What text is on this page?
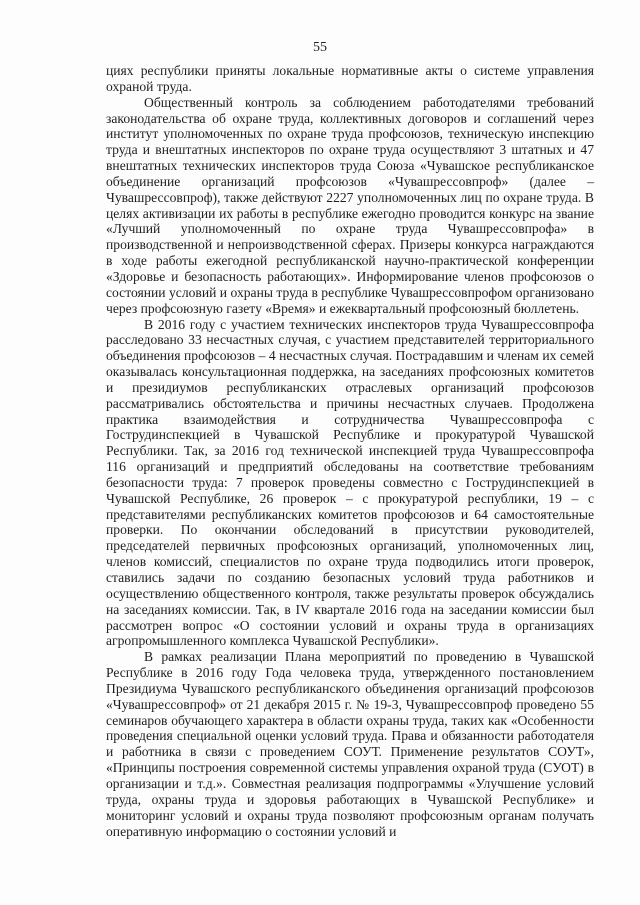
55

циях республики приняты локальные нормативные акты о системе управления охраной труда.

Общественный контроль за соблюдением работодателями требований законодательства об охране труда, коллективных договоров и соглашений через институт уполномоченных по охране труда профсоюзов, техническую инспекцию труда и внештатных инспекторов по охране труда осуществляют 3 штатных и 47 внештатных технических инспекторов труда Союза «Чувашское республиканское объединение организаций профсоюзов «Чувашрессовпроф» (далее – Чувашрессовпроф), также действуют 2227 уполномоченных лиц по охране труда. В целях активизации их работы в республике ежегодно проводится конкурс на звание «Лучший уполномоченный по охране труда Чувашрессовпрофа» в производственной и непроизводственной сферах. Призеры конкурса награждаются в ходе работы ежегодной республиканской научно-практической конференции «Здоровье и безопасность работающих». Информирование членов профсоюзов о состоянии условий и охраны труда в республике Чувашрессовпрофом организовано через профсоюзную газету «Время» и ежеквартальный профсоюзный бюллетень.

В 2016 году с участием технических инспекторов труда Чувашрессовпрофа расследовано 33 несчастных случая, с участием представителей территориального объединения профсоюзов – 4 несчастных случая. Пострадавшим и членам их семей оказывалась консультационная поддержка, на заседаниях профсоюзных комитетов и президиумов республиканских отраслевых организаций профсоюзов рассматривались обстоятельства и причины несчастных случаев. Продолжена практика взаимодействия и сотрудничества Чувашрессовпрофа с Гострудинспекцией в Чувашской Республике и прокуратурой Чувашской Республики. Так, за 2016 год технической инспекцией труда Чувашрессовпрофа 116 организаций и предприятий обследованы на соответствие требованиям безопасности труда: 7 проверок проведены совместно с Гострудинспекцией в Чувашской Республике, 26 проверок – с прокуратурой республики, 19 – с представителями республиканских комитетов профсоюзов и 64 самостоятельные проверки. По окончании обследований в присутствии руководителей, председателей первичных профсоюзных организаций, уполномоченных лиц, членов комиссий, специалистов по охране труда подводились итоги проверок, ставились задачи по созданию безопасных условий труда работников и осуществлению общественного контроля, также результаты проверок обсуждались на заседаниях комиссии. Так, в IV квартале 2016 года на заседании комиссии был рассмотрен вопрос «О состоянии условий и охраны труда в организациях агропромышленного комплекса Чувашской Республики».

В рамках реализации Плана мероприятий по проведению в Чувашской Республике в 2016 году Года человека труда, утвержденного постановлением Президиума Чувашского республиканского объединения организаций профсоюзов «Чувашрессовпроф» от 21 декабря 2015 г. № 19-3, Чувашрессовпроф проведено 55 семинаров обучающего характера в области охраны труда, таких как «Особенности проведения специальной оценки условий труда. Права и обязанности работодателя и работника в связи с проведением СОУТ. Применение результатов СОУТ», «Принципы построения современной системы управления охраной труда (СУОТ) в организации и т.д.». Совместная реализация подпрограммы «Улучшение условий труда, охраны труда и здоровья работающих в Чувашской Республике» и мониторинг условий и охраны труда позволяют профсоюзным органам получать оперативную информацию о состоянии условий и
